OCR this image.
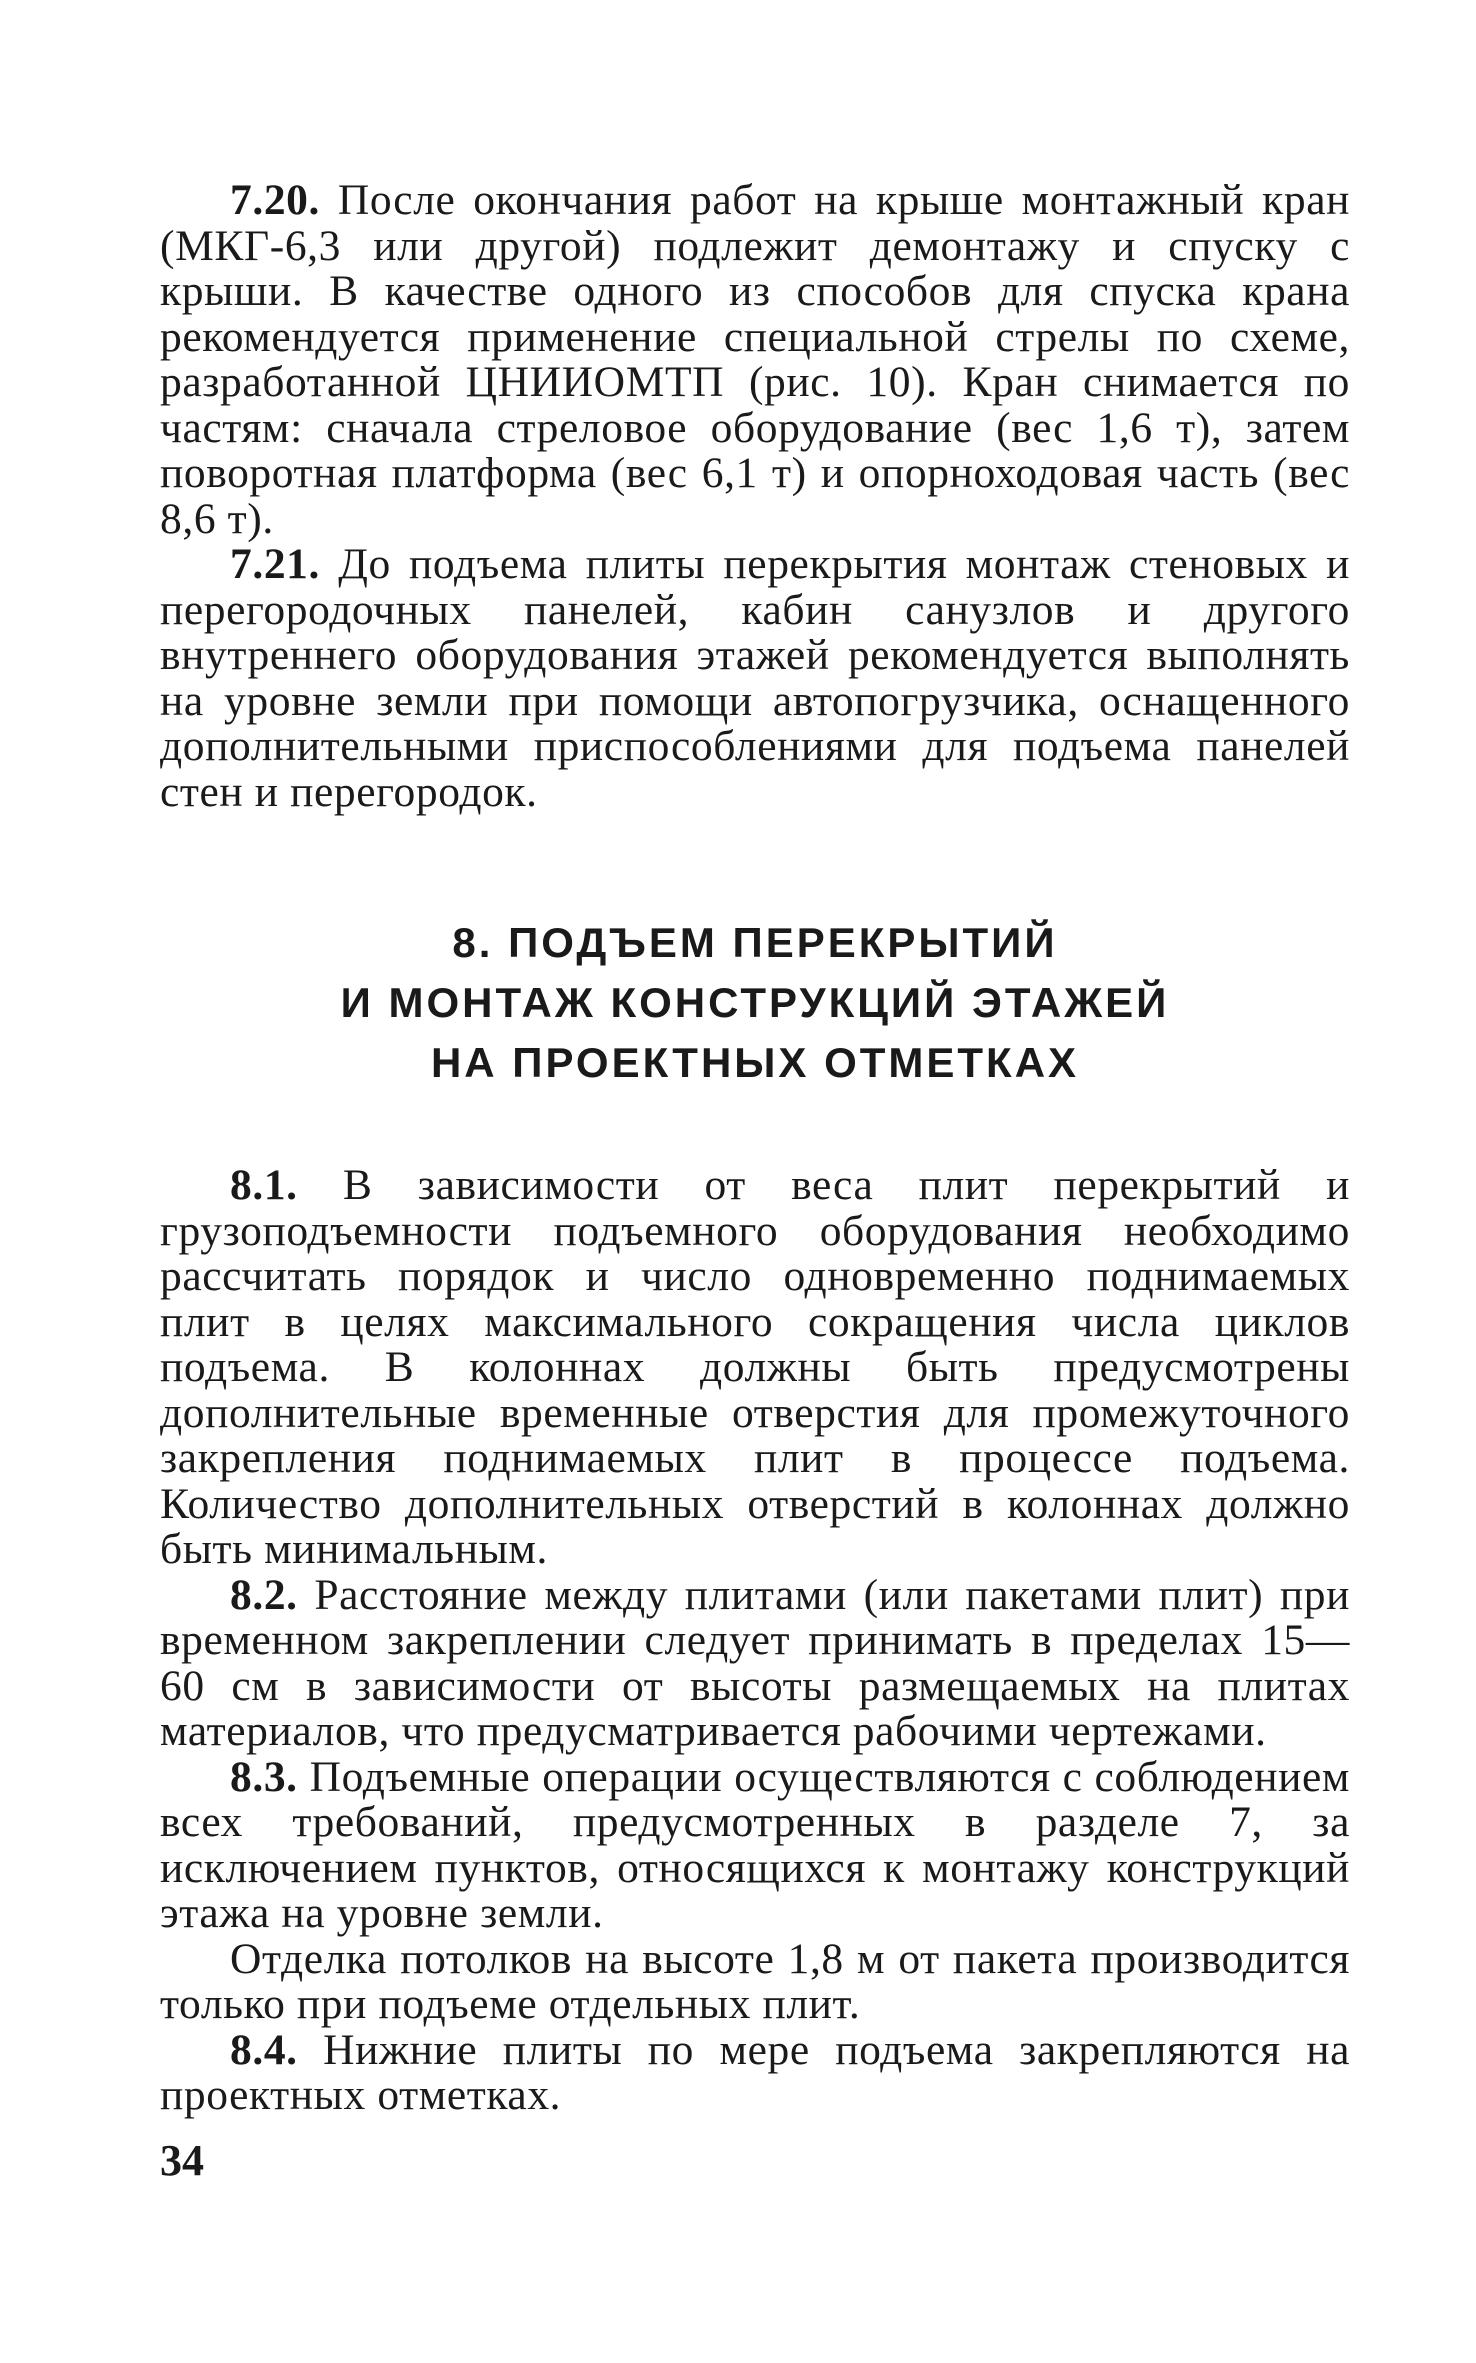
7.20. После окончания работ на крыше монтажный кран (МКГ-6,3 или другой) подлежит демонтажу и спуску с крыши. В качестве одного из способов для спуска крана рекомендуется применение специальной стрелы по схеме, разработанной ЦНИИОМТП (рис. 10). Кран снимается по частям: сначала стреловое оборудование (вес 1,6 т), затем поворотная платформа (вес 6,1 т) и опорноходовая часть (вес 8,6 т).

7.21. До подъема плиты перекрытия монтаж стеновых и перегородочных панелей, кабин санузлов и другого внутреннего оборудования этажей рекомендуется выполнять на уровне земли при помощи автопогрузчика, оснащенного дополнительными приспособлениями для подъема панелей стен и перегородок.

8. ПОДЪЕМ ПЕРЕКРЫТИЙ

И МОНТАЖ КОНСТРУКЦИЙ ЭТАЖЕЙ

НА ПРОЕКТНЫХ ОТМЕТКАХ

8.1. В зависимости от веса плит перекрытий и грузоподъемности подъемного оборудования необходимо рассчитать порядок и число одновременно поднимаемых плит в целях максимального сокращения числа циклов подъема. В колоннах должны быть предусмотрены дополнительные временные отверстия для промежуточного закрепления поднимаемых плит в процессе подъема. Количество дополнительных отверстий в колоннах должно быть минимальным.

8.2. Расстояние между плитами (или пакетами плит) при временном закреплении следует принимать в пределах 15—60 см в зависимости от высоты размещаемых на плитах материалов, что предусматривается рабочими чертежами.

8.3. Подъемные операции осуществляются с соблюдением всех требований, предусмотренных в разделе 7, за исключением пунктов, относящихся к монтажу конструкций этажа на уровне земли.

Отделка потолков на высоте 1,8 м от пакета производится только при подъеме отдельных плит.

8.4. Нижние плиты по мере подъема закрепляются на проектных отметках.

34
